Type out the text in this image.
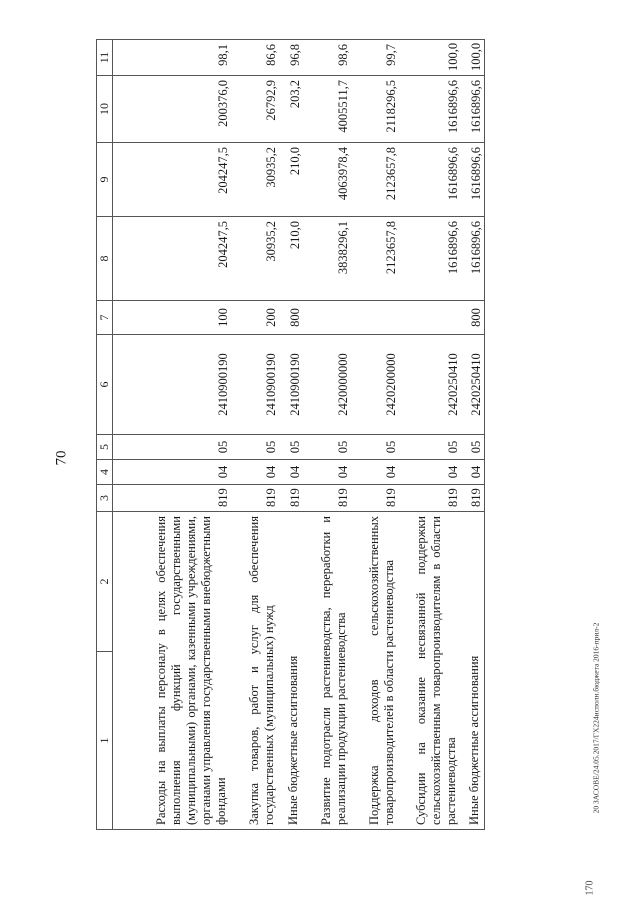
70
1	2	3	4	5	6	7	8	9	10	11
Расходы на выплаты персоналу в целях обеспечения выполнения функций государственными (муниципальными) органами, казенными учреждениями, органами управления государственными внебюджетными фондами		819	04	05	2410900190	100	204247,5	204247,5	200376,0	98,1
Закупка товаров, работ и услуг для обеспечения государственных (муниципальных) нужд		819	04	05	2410900190	200	30935,2	30935,2	26792,9	86,6
Иные бюджетные ассигнования		819	04	05	2410900190	800	210,0	210,0	203,2	96,8
Развитие подотрасли растениеводства, переработки и реализации продукции растениеводства		819	04	05	2420000000		3838296,1	4063978,4	4005511,7	98,6
Поддержка доходов сельскохозяйственных товаропроизводителей в области растениеводства		819	04	05	2420200000		2123657,8	2123657,8	2118296,5	99,7
Субсидии на оказание несвязанной поддержки сельскохозяйственным товаропроизводителям в области растениеводства		819	04	05	2420250410		1616896,6	1616896,6	1616896,6	100,0
Иные бюджетные ассигнования		819	04	05	2420250410	800	1616896,6	1616896,6	1616896,6	100,0
20 ЗАСОВЕ/24.05.2017/ГХ224исполн.бюджета 2016-прил-2
170
